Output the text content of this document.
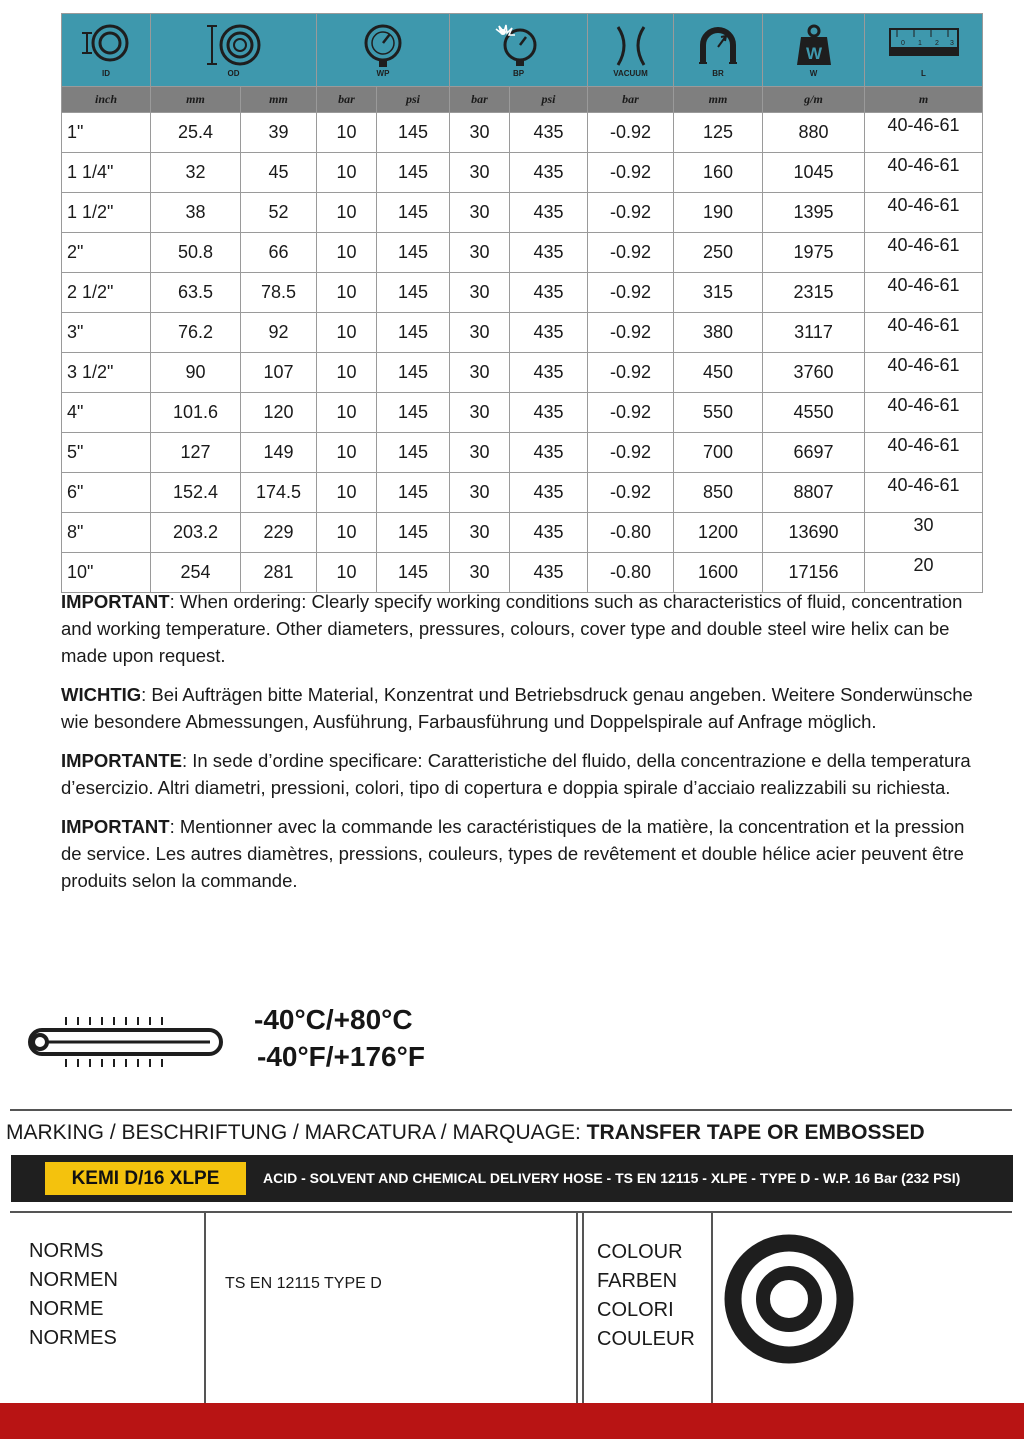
ID	OD		WP		BP		VACUUM	BR	W
W	0 1 2 3
L

inch	mm	mm	bar	psi	bar	psi	bar	mm	g/m	m
1"	25.4	39	10	145	30	435	-0.92	125	880	40-46-61
1 1/4"	32	45	10	145	30	435	-0.92	160	1045	40-46-61
1 1/2"	38	52	10	145	30	435	-0.92	190	1395	40-46-61
2"	50.8	66	10	145	30	435	-0.92	250	1975	40-46-61
2 1/2"	63.5	78.5	10	145	30	435	-0.92	315	2315	40-46-61
3"	76.2	92	10	145	30	435	-0.92	380	3117	40-46-61
3 1/2"	90	107	10	145	30	435	-0.92	450	3760	40-46-61
4"	101.6	120	10	145	30	435	-0.92	550	4550	40-46-61
5"	127	149	10	145	30	435	-0.92	700	6697	40-46-61
6"	152.4	174.5	10	145	30	435	-0.92	850	8807	40-46-61
8"	203.2	229	10	145	30	435	-0.80	1200	13690	30
10"	254	281	10	145	30	435	-0.80	1600	17156	20

IMPORTANT: When ordering: Clearly specify working conditions such as characteristics of fluid, concentration and working temperature. Other diameters, pressures, colours, cover type and double steel wire helix can be made upon request.

WICHTIG: Bei Aufträgen bitte Material, Konzentrat und Betriebsdruck genau angeben. Weitere Sonderwünsche wie besondere Abmessungen, Ausführung, Farbausführung und Doppelspirale auf Anfrage möglich.

IMPORTANTE: In sede d’ordine specificare: Caratteristiche del fluido, della concentrazione e della temperatura d’esercizio. Altri diametri, pressioni, colori, tipo di copertura e doppia spirale d’acciaio realizzabili su richiesta.

IMPORTANT: Mentionner avec la commande les caractéristiques de la matière, la concentration et la pression de service. Les autres diamètres, pressions, couleurs, types de revêtement et double hélice acier peuvent être produits selon la commande.

-40°C/+80°C
-40°F/+176°F
MARKING / BESCHRIFTUNG / MARCATURA / MARQUAGE: TRANSFER TAPE OR EMBOSSED
KEMI D/16 XLPE	ACID - SOLVENT AND CHEMICAL DELIVERY HOSE - TS EN 12115 - XLPE - TYPE D - W.P. 16 Bar (232 PSI)
NORMS
NORMEN
NORME
NORMES
TS EN 12115 TYPE D
COLOUR
FARBEN
COLORI
COULEUR
